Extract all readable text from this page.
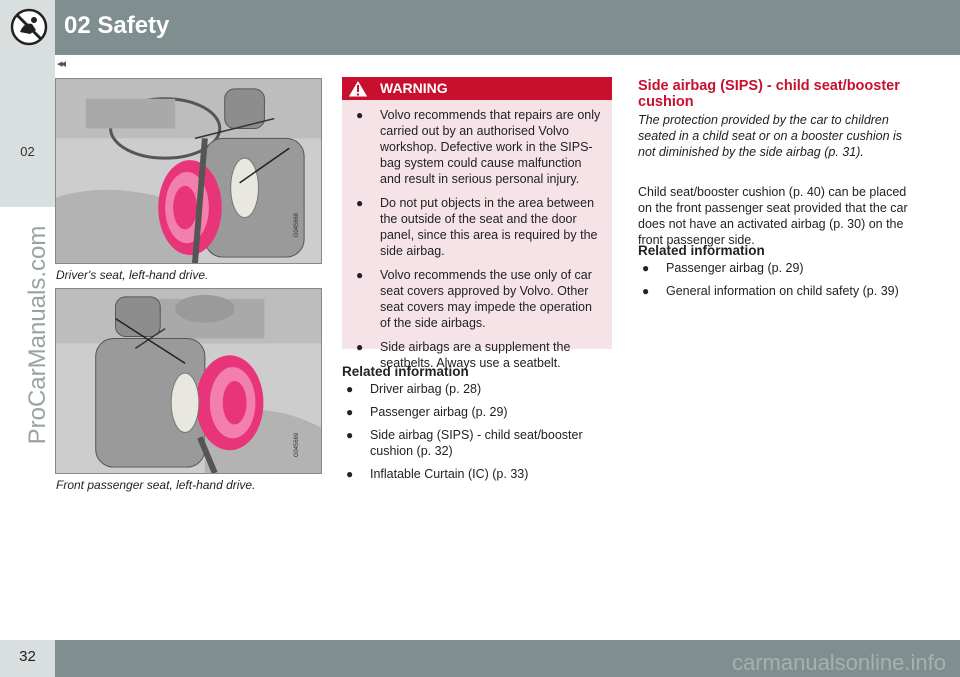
02 Safety
02
ProCarManuals.com
◂◂
G045668
Driver's seat, left-hand drive.
G045669
Front passenger seat, left-hand drive.
WARNING
● Volvo recommends that repairs are only carried out by an authorised Volvo workshop. Defective work in the SIPS-bag system could cause malfunction and result in serious personal injury.
● Do not put objects in the area between the outside of the seat and the door panel, since this area is required by the side airbag.
● Volvo recommends the use only of car seat covers approved by Volvo. Other seat covers may impede the operation of the side airbags.
● Side airbags are a supplement the seatbelts. Always use a seatbelt.
Related information
● Driver airbag (p. 28)
● Passenger airbag (p. 29)
● Side airbag (SIPS) - child seat/booster cushion (p. 32)
● Inflatable Curtain (IC) (p. 33)
Side airbag (SIPS) - child seat/booster cushion
The protection provided by the car to children seated in a child seat or on a booster cushion is not diminished by the side airbag (p. 31).
Child seat/booster cushion (p. 40) can be placed on the front passenger seat provided that the car does not have an activated airbag (p. 30) on the front passenger side.
Related information
● Passenger airbag (p. 29)
● General information on child safety (p. 39)
32	carmanualsonline.info
